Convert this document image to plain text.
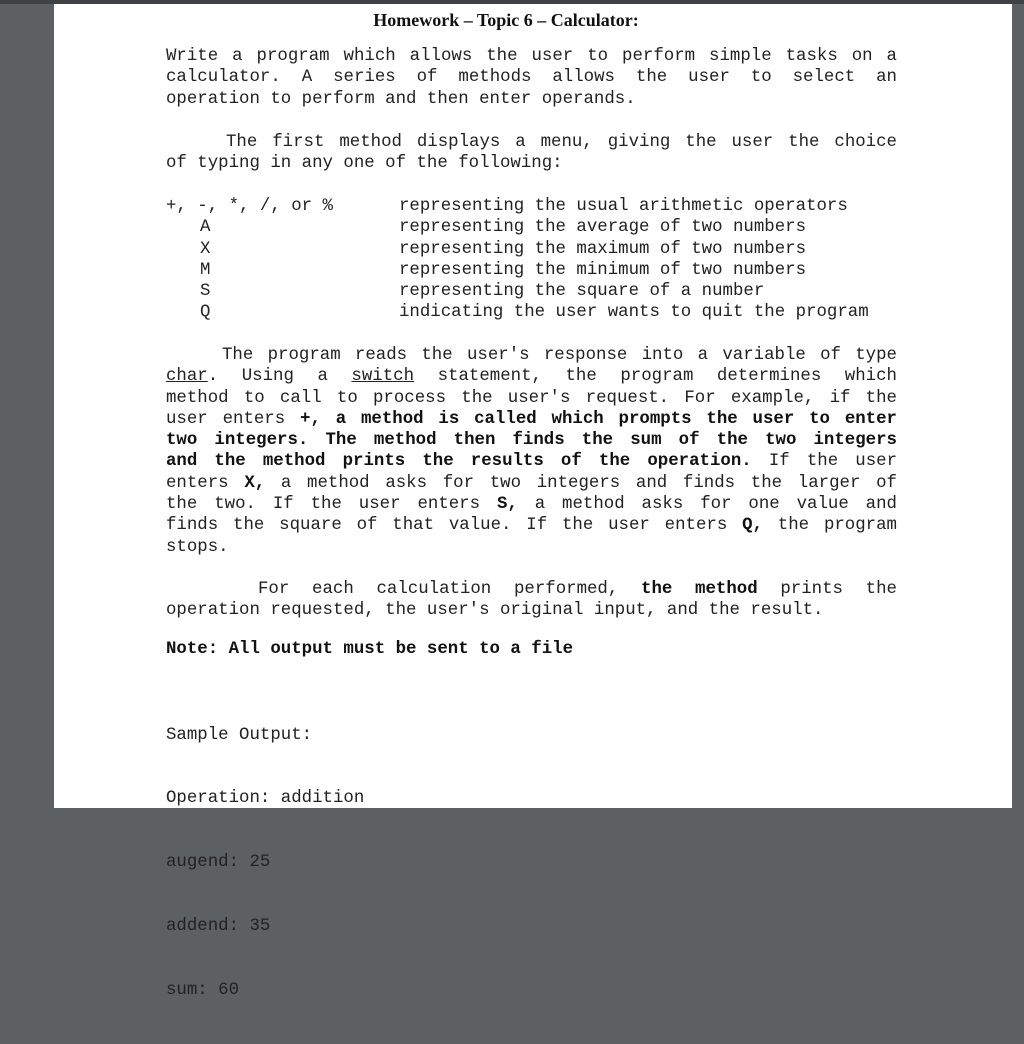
Homework – Topic 6 – Calculator:
Write a program which allows the user to perform simple tasks on a
calculator. A series of methods allows the user to select an
operation to perform and then enter operands.
The first method displays a menu, giving the user the choice
of typing in any one of the following:
+, -, *, /, or %	representing the usual arithmetic operators
A	representing the average of two numbers
X	representing the maximum of two numbers
M	representing the minimum of two numbers
S	representing the square of a number
Q	indicating the user wants to quit the program
The program reads the user's response into a variable of type
char. Using a switch statement, the program determines which
method to call to process the user's request. For example, if the
user enters +, a method is called which prompts the user to enter
two integers. The method then finds the sum of the two integers
and the method prints the results of the operation. If the user
enters X, a method asks for two integers and finds the larger of
the two. If the user enters S, a method asks for one value and
finds the square of that value. If the user enters Q, the program
stops.
For each calculation performed, the method prints the
operation requested, the user's original input, and the result.
Note: All output must be sent to a file

Sample Output:

Operation: addition

augend: 25

addend: 35

sum: 60
